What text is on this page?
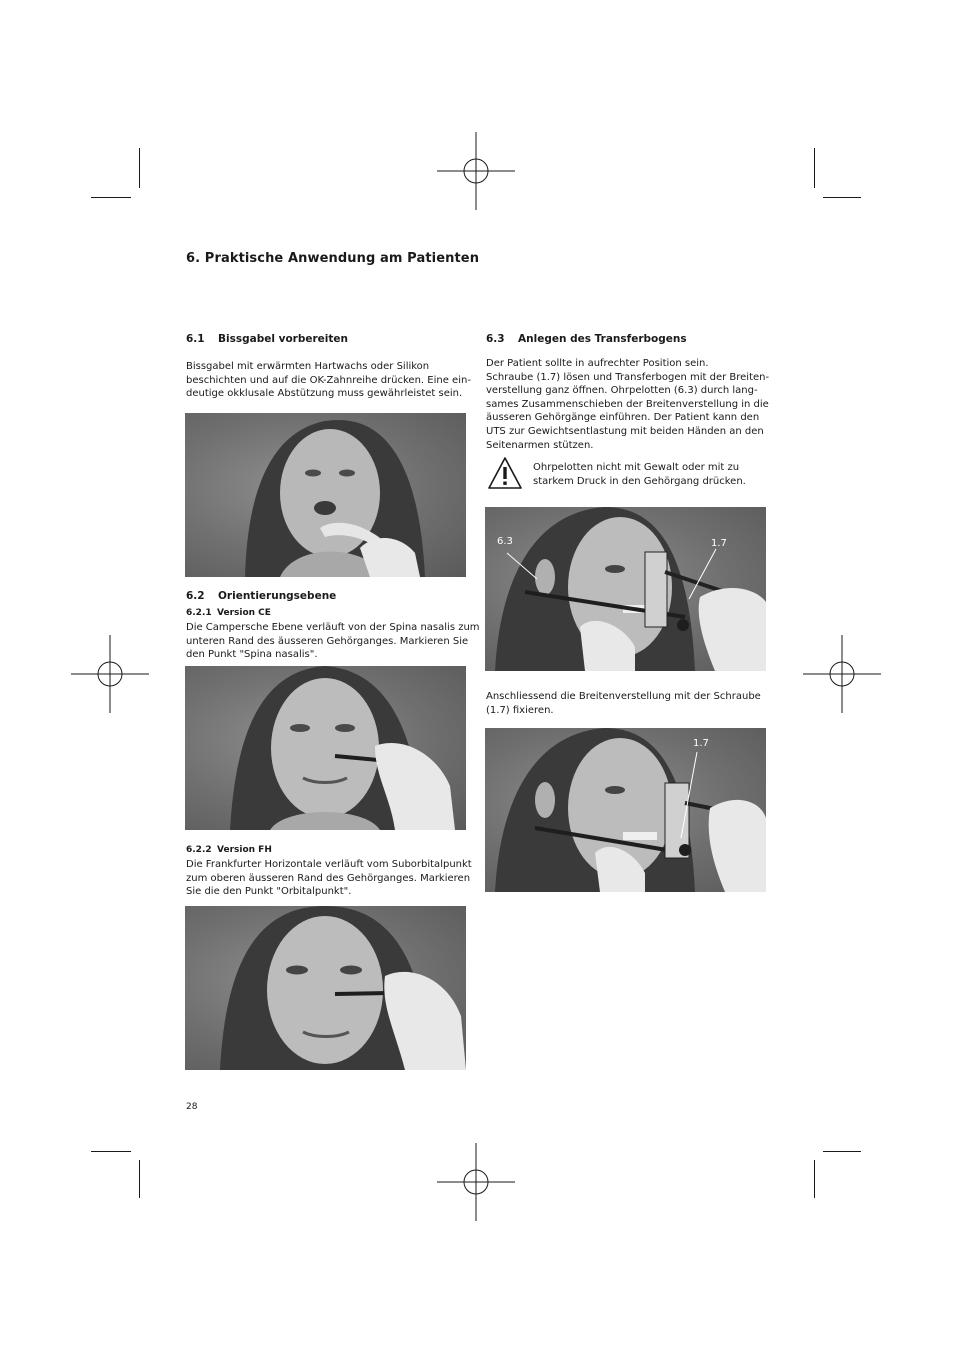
6. Praktische Anwendung am Patienten
6.1 Bissgabel vorbereiten
Bissgabel mit erwärmten Hartwachs oder Silikon
beschichten und auf die OK-Zahnreihe drücken. Eine ein-
deutige okklusale Abstützung muss gewährleistet sein.
6.2 Orientierungsebene
6.2.1 Version CE
Die Campersche Ebene verläuft von der Spina nasalis zum
unteren Rand des äusseren Gehörganges. Markieren Sie
den Punkt "Spina nasalis".
6.2.2 Version FH
Die Frankfurter Horizontale verläuft vom Suborbitalpunkt
zum oberen äusseren Rand des Gehörganges. Markieren
Sie die den Punkt "Orbitalpunkt".
28
6.3 Anlegen des Transferbogens
Der Patient sollte in aufrechter Position sein.
Schraube (1.7) lösen und Transferbogen mit der Breiten-
verstellung ganz öffnen. Ohrpelotten (6.3) durch lang-
sames Zusammenschieben der Breitenverstellung in die
äusseren Gehörgänge einführen. Der Patient kann den
UTS zur Gewichtsentlastung mit beiden Händen an den
Seitenarmen stützen.
Ohrpelotten nicht mit Gewalt oder mit zu
starkem Druck in den Gehörgang drücken.
6.3	1.7
Anschliessend die Breitenverstellung mit der Schraube
(1.7) fixieren.
1.7
